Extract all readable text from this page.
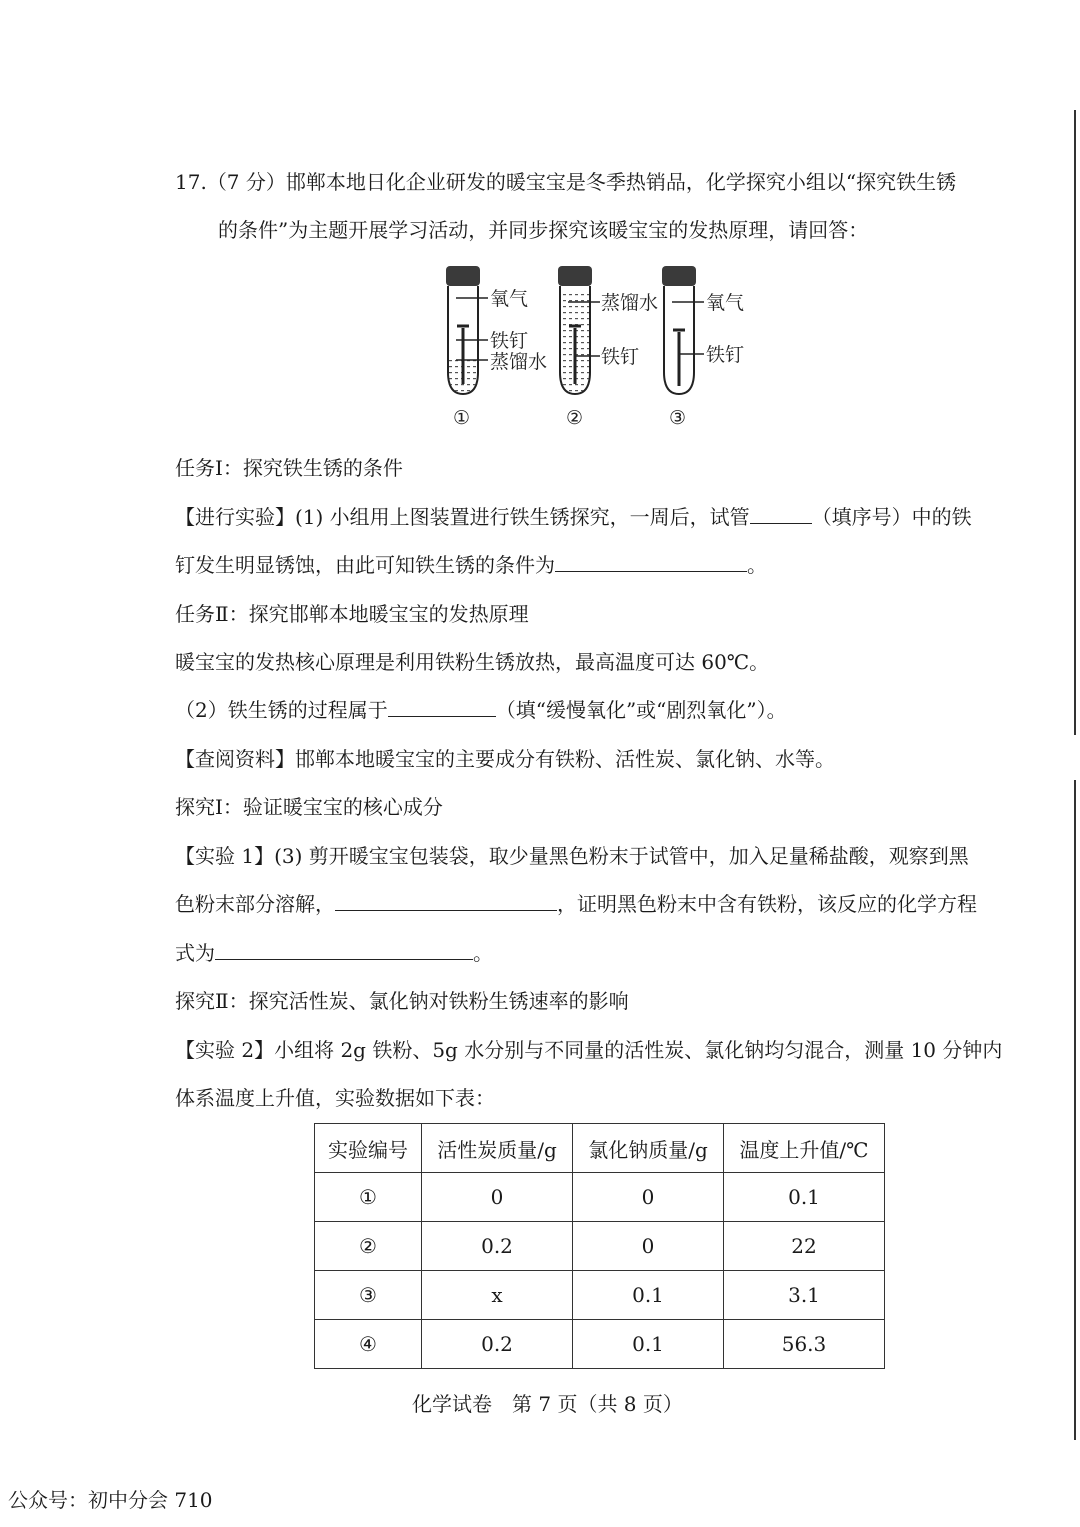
17.（7 分）邯郸本地日化企业研发的暖宝宝是冬季热销品，化学探究小组以“探究铁生锈
的条件”为主题开展学习活动，并同步探究该暖宝宝的发热原理，请回答：
氧气
铁钉
蒸馏水
①
蒸馏水
铁钉
②
氧气
铁钉
③
任务Ⅰ：探究铁生锈的条件
【进行实验】(1) 小组用上图装置进行铁生锈探究，一周后，试管	（填序号）中的铁
钉发生明显锈蚀，由此可知铁生锈的条件为	。
任务Ⅱ：探究邯郸本地暖宝宝的发热原理
暖宝宝的发热核心原理是利用铁粉生锈放热，最高温度可达 60℃。
（2）铁生锈的过程属于	（填“缓慢氧化”或“剧烈氧化”）。
【查阅资料】邯郸本地暖宝宝的主要成分有铁粉、活性炭、氯化钠、水等。
探究Ⅰ：验证暖宝宝的核心成分
【实验 1】(3) 剪开暖宝宝包装袋，取少量黑色粉末于试管中，加入足量稀盐酸，观察到黑
色粉末部分溶解，	，证明黑色粉末中含有铁粉，该反应的化学方程
式为	。
探究Ⅱ：探究活性炭、氯化钠对铁粉生锈速率的影响
【实验 2】小组将 2g 铁粉、5g 水分别与不同量的活性炭、氯化钠均匀混合，测量 10 分钟内
体系温度上升值，实验数据如下表：
实验编号	活性炭质量/g	氯化钠质量/g	温度上升值/℃
①	0	0	0.1
②	0.2	0	22
③	x	0.1	3.1
④	0.2	0.1	56.3
化学试卷　第 7 页（共 8 页）
公众号：初中分会 710
